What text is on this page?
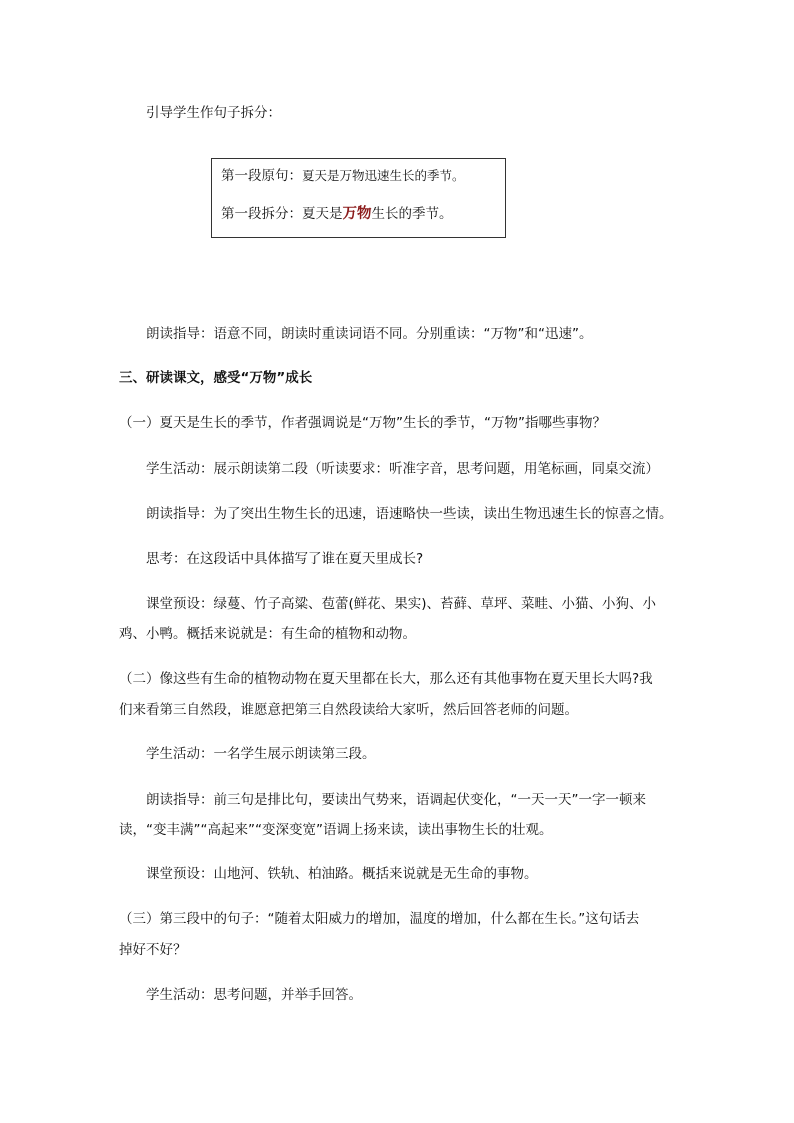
引导学生作句子拆分：
第一段原句：夏天是万物迅速生长的季节。
第一段拆分：夏天是万物生长的季节。
朗读指导：语意不同，朗读时重读词语不同。分别重读：“万物”和“迅速”。
三、研读课文，感受“万物”成长
（一）夏天是生长的季节，作者强调说是“万物”生长的季节，“万物”指哪些事物？
学生活动：展示朗读第二段（听读要求：听准字音，思考问题，用笔标画，同桌交流）
朗读指导：为了突出生物生长的迅速，语速略快一些读，读出生物迅速生长的惊喜之情。
思考：在这段话中具体描写了谁在夏天里成长?
课堂预设：绿蔓、竹子高粱、苞蕾(鲜花、果实)、苔藓、草坪、菜畦、小猫、小狗、小
鸡、小鸭。概括来说就是：有生命的植物和动物。
（二）像这些有生命的植物动物在夏天里都在长大，那么还有其他事物在夏天里长大吗?我
们来看第三自然段，谁愿意把第三自然段读给大家听，然后回答老师的问题。
学生活动：一名学生展示朗读第三段。
朗读指导：前三句是排比句，要读出气势来，语调起伏变化，“一天一天”一字一顿来
读，“变丰满”“高起来”“变深变宽”语调上扬来读，读出事物生长的壮观。
课堂预设：山地河、铁轨、柏油路。概括来说就是无生命的事物。
（三）第三段中的句子：“随着太阳威力的增加，温度的增加，什么都在生长。”这句话去
掉好不好？
学生活动：思考问题，并举手回答。
